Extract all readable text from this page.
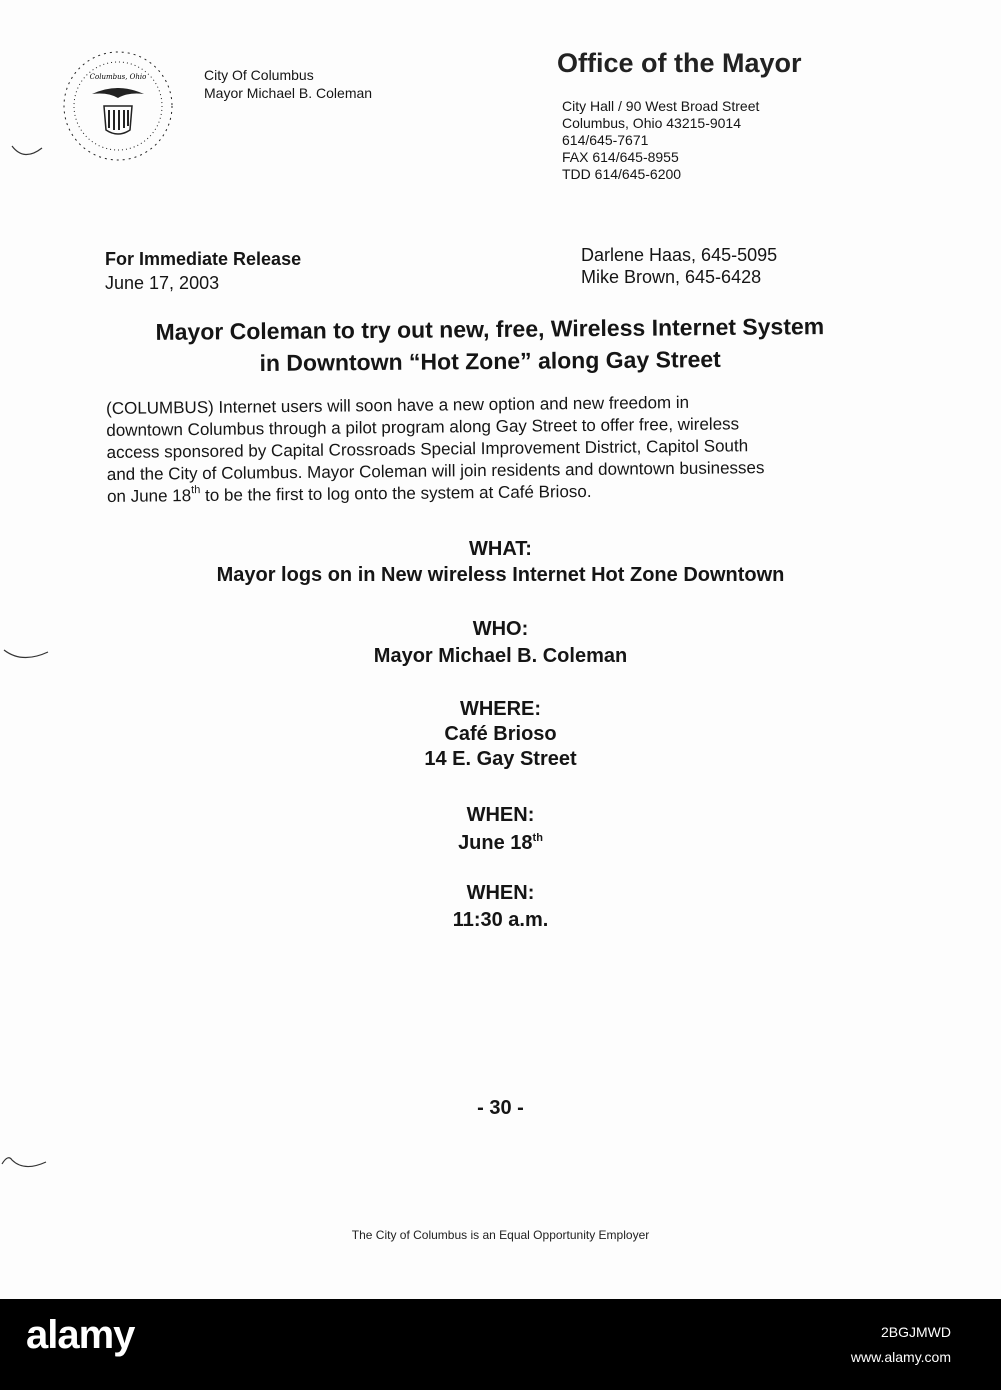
Columbus, Ohio	City Of Columbus
Mayor Michael B. Coleman
Office of the Mayor
City Hall / 90 West Broad Street
Columbus, Ohio 43215-9014
614/645-7671
FAX 614/645-8955
TDD 614/645-6200
For Immediate Release
June 17, 2003
Darlene Haas, 645-5095
Mike Brown, 645-6428
Mayor Coleman to try out new, free, Wireless Internet System
in Downtown “Hot Zone” along Gay Street

(COLUMBUS) Internet users will soon have a new option and new freedom in

downtown Columbus through a pilot program along Gay Street to offer free, wireless

access sponsored by Capital Crossroads Special Improvement District, Capitol South

and the City of Columbus. Mayor Coleman will join residents and downtown businesses

on June 18th to be the first to log onto the system at Café Brioso.

WHAT:
Mayor logs on in New wireless Internet Hot Zone Downtown
WHO:
Mayor Michael B. Coleman
WHERE:
Café Brioso
14 E. Gay Street
WHEN:
June 18th
WHEN:
11:30 a.m.
- 30 -
The City of Columbus is an Equal Opportunity Employer
alamy	2BGJMWD
www.alamy.com
